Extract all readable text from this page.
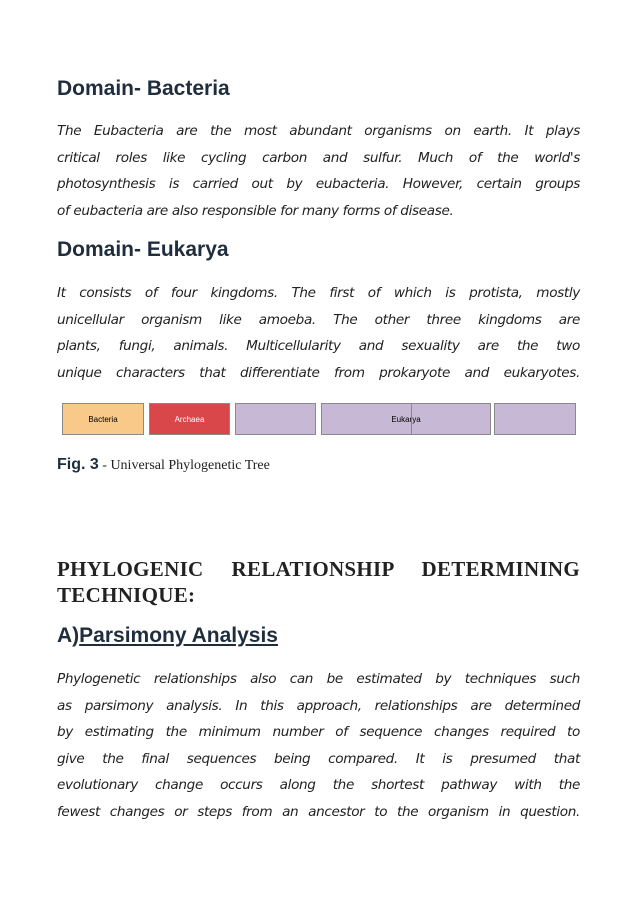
Domain- Bacteria

The Eubacteria are the most abundant organisms on earth. It plays
critical roles like cycling carbon and sulfur. Much of the world's
photosynthesis is carried out by eubacteria. However, certain groups
of eubacteria are also responsible for many forms of disease.

Domain- Eukarya

It consists of four kingdoms. The first of which is protista, mostly
unicellular organism like amoeba. The other three kingdoms are
plants, fungi, animals. Multicellularity and sexuality are the two
unique characters that differentiate from prokaryote and eukaryotes.

Bacteria	Archaea	Eukarya
Fig. 3 - Universal Phylogenetic Tree
PHYLOGENIC RELATIONSHIP DETERMINING
TECHNIQUE:
A)Parsimony Analysis

Phylogenetic relationships also can be estimated by techniques such
as parsimony analysis. In this approach, relationships are determined
by estimating the minimum number of sequence changes required to
give the final sequences being compared. It is presumed that
evolutionary change occurs along the shortest pathway with the
fewest changes or steps from an ancestor to the organism in question.
